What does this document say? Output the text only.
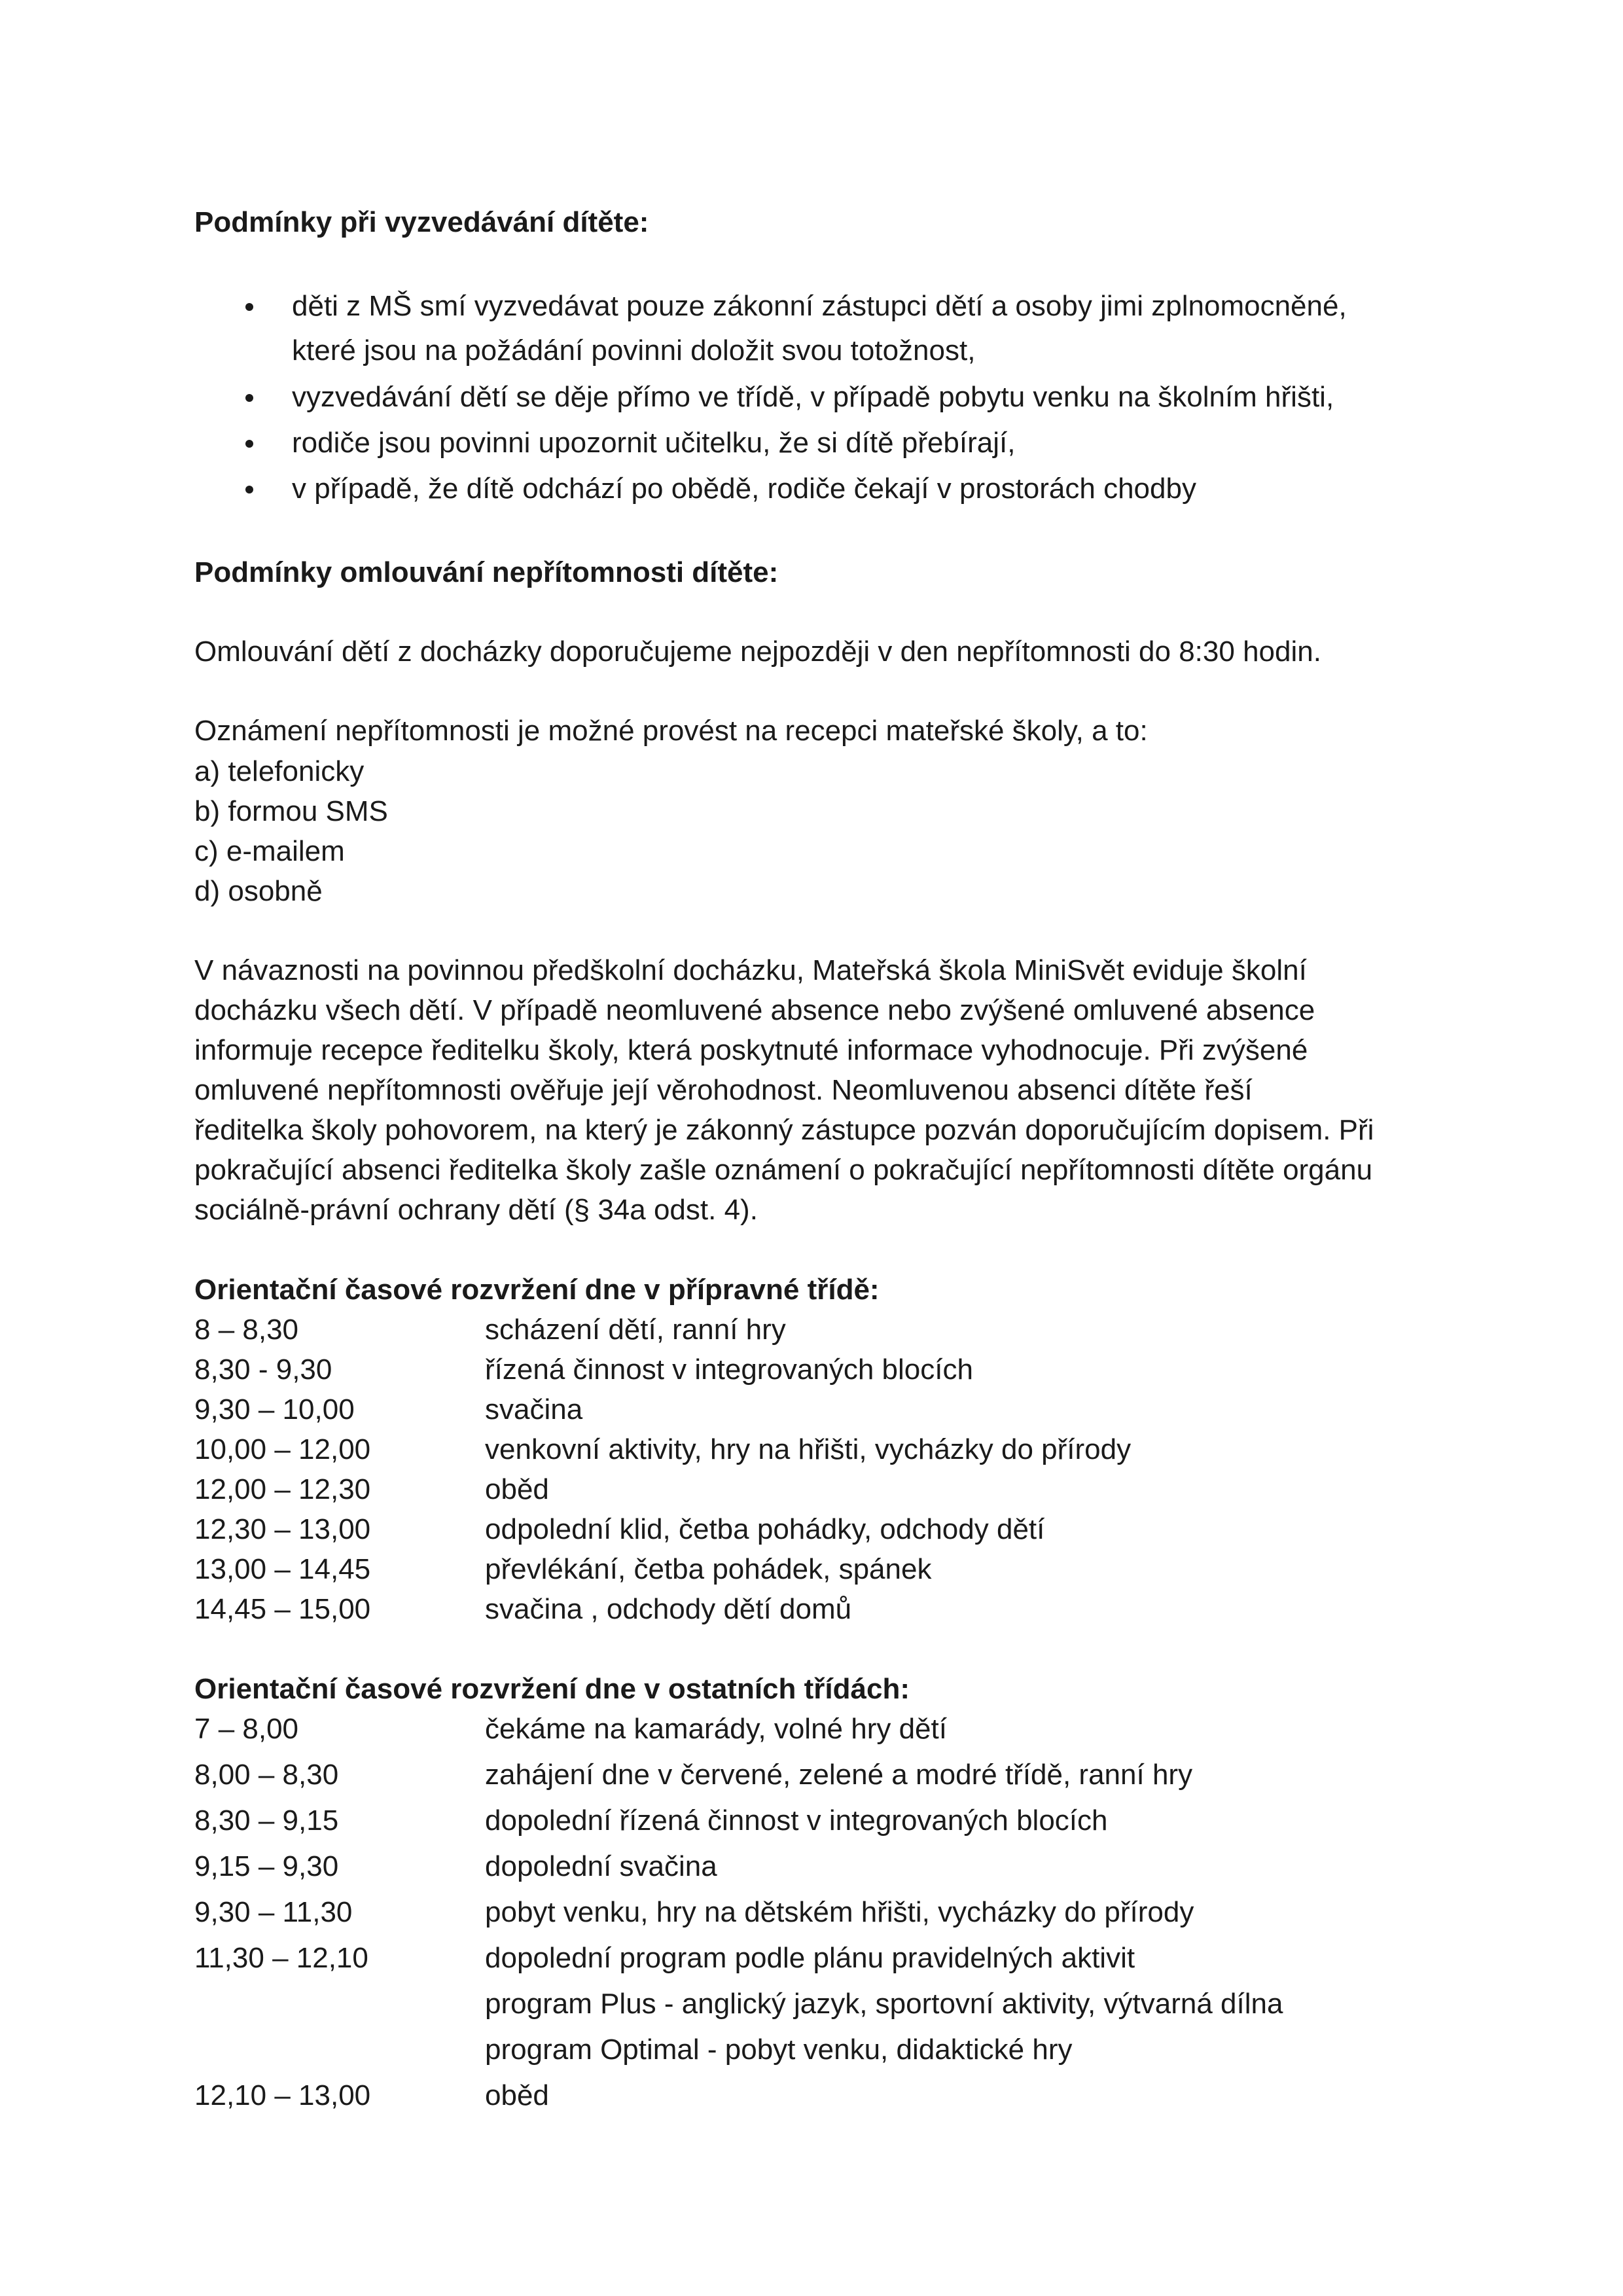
Podmínky při vyzvedávání dítěte:
děti z MŠ smí vyzvedávat pouze zákonní zástupci dětí a osoby jimi zplnomocněné,
které jsou na požádání povinni doložit svou totožnost,
vyzvedávání dětí se děje přímo ve třídě, v případě pobytu venku na školním hřišti,
rodiče jsou povinni upozornit učitelku, že si dítě přebírají,
v případě, že dítě odchází po obědě, rodiče čekají v prostorách chodby
Podmínky omlouvání nepřítomnosti dítěte:
Omlouvání dětí z docházky doporučujeme nejpozději v den nepřítomnosti do 8:30 hodin.
Oznámení nepřítomnosti je možné provést na recepci mateřské školy, a to:
a) telefonicky
b) formou SMS
c) e-mailem
d) osobně
V návaznosti na povinnou předškolní docházku, Mateřská škola MiniSvět eviduje školní
docházku všech dětí. V případě neomluvené absence nebo zvýšené omluvené absence
informuje recepce ředitelku školy, která poskytnuté informace vyhodnocuje. Při zvýšené
omluvené nepřítomnosti ověřuje její věrohodnost. Neomluvenou absenci dítěte řeší
ředitelka školy pohovorem, na který je zákonný zástupce pozván doporučujícím dopisem. Při
pokračující absenci ředitelka školy zašle oznámení o pokračující nepřítomnosti dítěte orgánu
sociálně-právní ochrany dětí (§ 34a odst. 4).
Orientační časové rozvržení dne v přípravné třídě:
8 – 8,30	scházení dětí, ranní hry
8,30 - 9,30	řízená činnost v integrovaných blocích
9,30 – 10,00	svačina
10,00 – 12,00	venkovní aktivity, hry na hřišti, vycházky do přírody
12,00 – 12,30	oběd
12,30 – 13,00	odpolední klid, četba pohádky, odchody dětí
13,00 – 14,45	převlékání, četba pohádek, spánek
14,45 – 15,00	svačina , odchody dětí domů
Orientační časové rozvržení dne v ostatních třídách:
7 – 8,00	čekáme na kamarády, volné hry dětí
8,00 – 8,30	zahájení dne v červené, zelené a modré třídě, ranní hry
8,30 – 9,15	dopolední řízená činnost v integrovaných blocích
9,15 – 9,30	dopolední svačina
9,30 – 11,30	pobyt venku, hry na dětském hřišti, vycházky do přírody
11,30 – 12,10	dopolední program podle plánu pravidelných aktivit
program Plus - anglický jazyk, sportovní aktivity, výtvarná dílna
program Optimal - pobyt venku, didaktické hry
12,10 – 13,00	oběd
